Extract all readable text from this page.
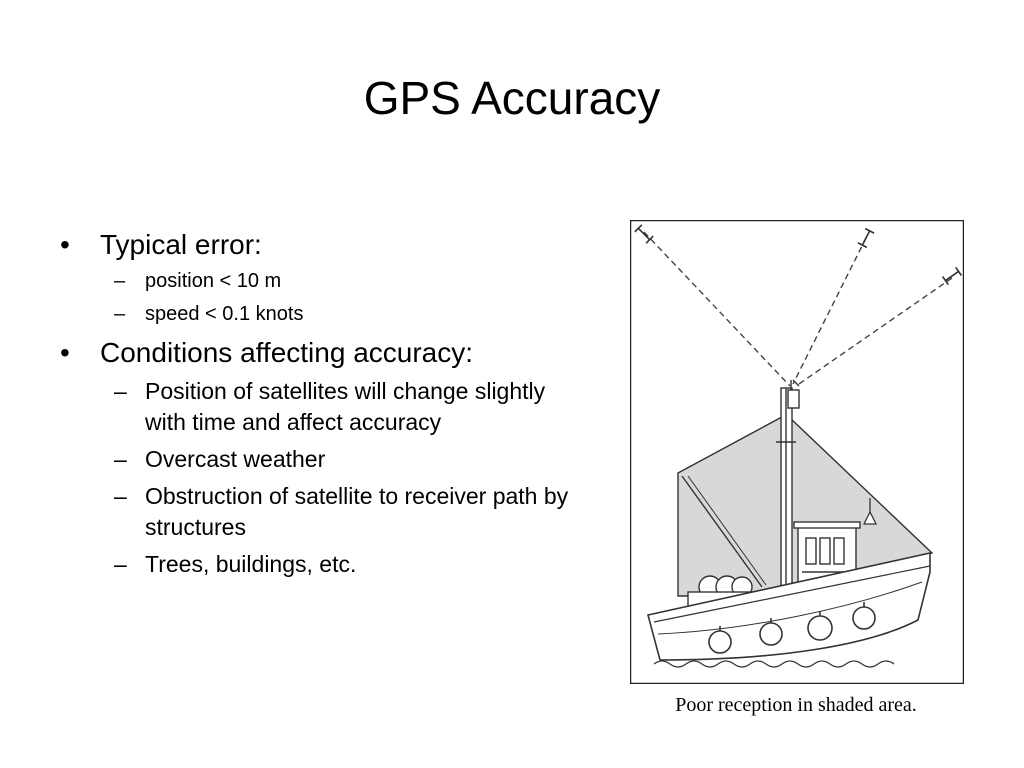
GPS Accuracy
• Typical error:
– position < 10 m
– speed < 0.1 knots
• Conditions affecting accuracy:
– Position of satellites will change slightly with time and affect accuracy
– Overcast weather
– Obstruction of satellite to receiver path by structures
– Trees, buildings, etc.
Poor reception in shaded area.
